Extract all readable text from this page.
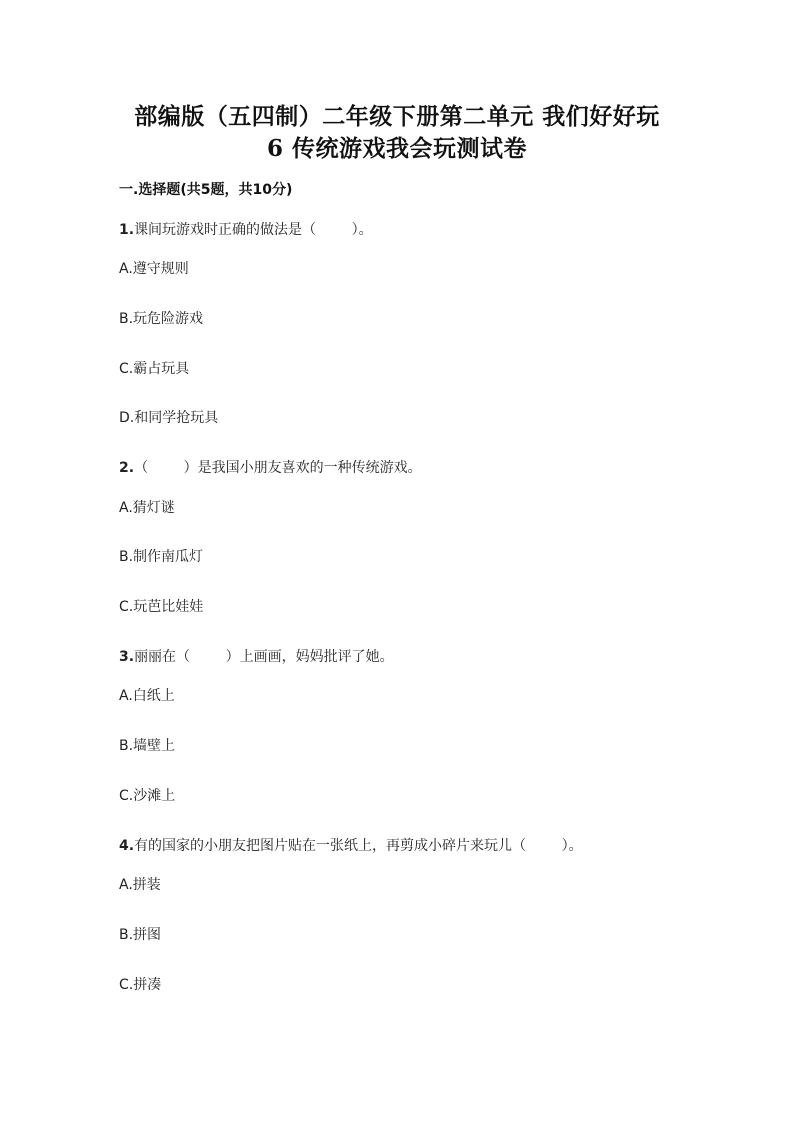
部编版（五四制）二年级下册第二单元 我们好好玩
6 传统游戏我会玩测试卷
一.选择题(共5题，共10分)
1.课间玩游戏时正确的做法是（        ）。
A.遵守规则
B.玩危险游戏
C.霸占玩具
D.和同学抢玩具
2.（        ）是我国小朋友喜欢的一种传统游戏。
A.猜灯谜
B.制作南瓜灯
C.玩芭比娃娃
3.丽丽在（        ）上画画，妈妈批评了她。
A.白纸上
B.墙壁上
C.沙滩上
4.有的国家的小朋友把图片贴在一张纸上，再剪成小碎片来玩儿（        ）。
A.拼装
B.拼图
C.拼凑
